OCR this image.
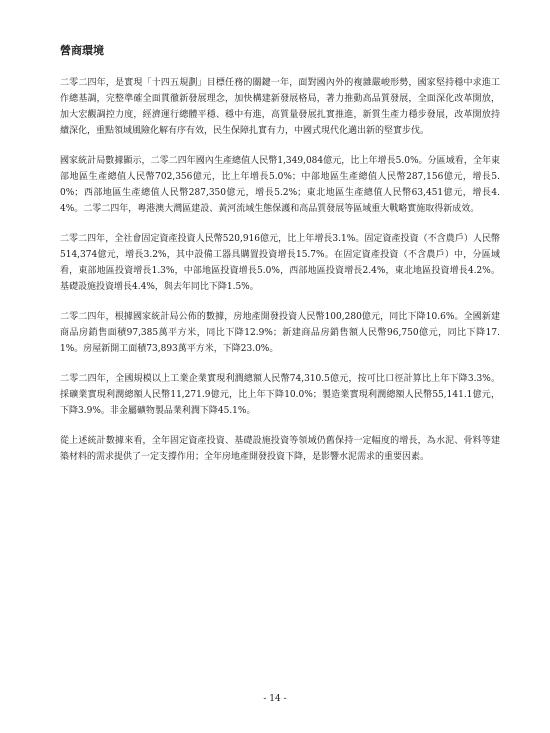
營商環境

二零二四年，是實現「十四五規劃」目標任務的關鍵一年，面對國內外的複雜嚴峻形勢，國家堅持穩中求進工作總基調，完整準確全面貫徹新發展理念，加快構建新發展格局，著力推動高品質發展，全面深化改革開放，加大宏觀調控力度，經濟運行總體平穩、穩中有進，高質量發展扎實推進，新質生產力穩步發展，改革開放持續深化，重點領域風險化解有序有效，民生保障扎實有力，中國式現代化邁出新的堅實步伐。

國家統計局數據顯示，二零二四年國內生產總值人民幣1,349,084億元，比上年增長5.0%。分區域看，全年東部地區生產總值人民幣702,356億元，比上年增長5.0%；中部地區生產總值人民幣287,156億元，增長5.0%；西部地區生產總值人民幣287,350億元，增長5.2%；東北地區生產總值人民幣63,451億元，增長4.4%。二零二四年，粵港澳大灣區建設、黃河流域生態保護和高品質發展等區域重大戰略實施取得新成效。

二零二四年，全社會固定資產投資人民幣520,916億元，比上年增長3.1%。固定資產投資（不含農戶）人民幣514,374億元，增長3.2%，其中設備工器具購置投資增長15.7%。在固定資產投資（不含農戶）中，分區域看，東部地區投資增長1.3%，中部地區投資增長5.0%，西部地區投資增長2.4%，東北地區投資增長4.2%。基礎設施投資增長4.4%，與去年同比下降1.5%。

二零二四年，根據國家統計局公佈的數據，房地產開發投資人民幣100,280億元，同比下降10.6%。全國新建商品房銷售面積97,385萬平方米，同比下降12.9%；新建商品房銷售額人民幣96,750億元，同比下降17.1%。房屋新開工面積73,893萬平方米，下降23.0%。

二零二四年，全國規模以上工業企業實現利潤總額人民幣74,310.5億元，按可比口徑計算比上年下降3.3%。採礦業實現利潤總額人民幣11,271.9億元，比上年下降10.0%；製造業實現利潤總額人民幣55,141.1億元，下降3.9%。非金屬礦物製品業利潤下降45.1%。

從上述統計數據來看，全年固定資產投資、基礎設施投資等領域仍舊保持一定幅度的增長，為水泥、骨料等建築材料的需求提供了一定支撐作用；全年房地產開發投資下降，是影響水泥需求的重要因素。

- 14 -
